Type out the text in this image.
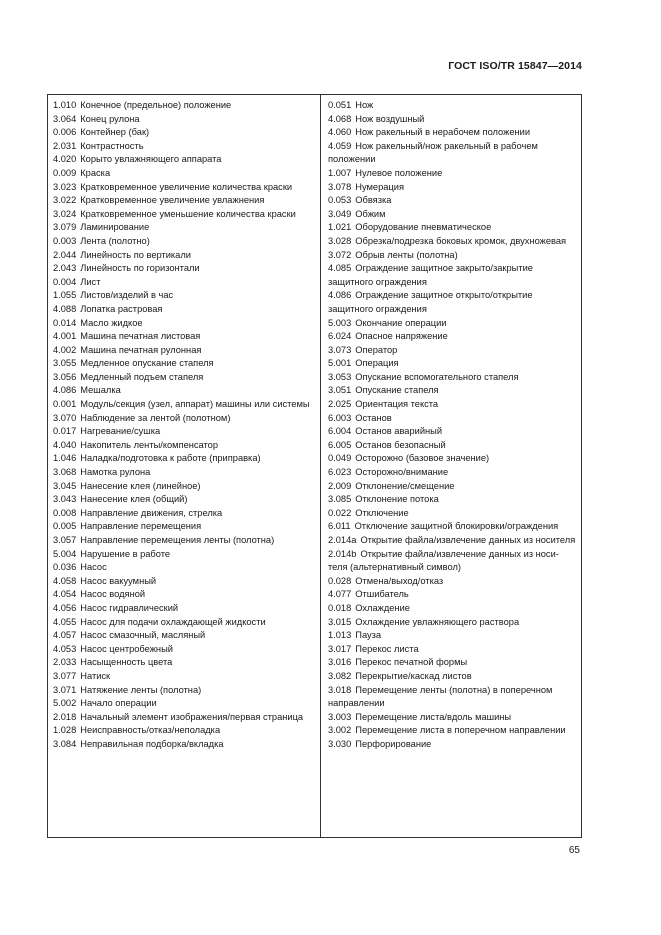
ГОСТ ISO/TR 15847—2014
1.010 Конечное (предельное) положение
3.064 Конец рулона
0.006 Контейнер (бак)
2.031 Контрастность
4.020 Корыто увлажняющего аппарата
0.009 Краска
3.023 Кратковременное увеличение количества краски
3.022 Кратковременное увеличение увлажнения
3.024 Кратковременное уменьшение количества краски
3.079 Ламинирование
0.003 Лента (полотно)
2.044 Линейность по вертикали
2.043 Линейность по горизонтали
0.004 Лист
1.055 Листов/изделий в час
4.088 Лопатка растровая
0.014 Масло жидкое
4.001 Машина печатная листовая
4.002 Машина печатная рулонная
3.055 Медленное опускание стапеля
3.056 Медленный подъем стапеля
4.086 Мешалка
0.001 Модуль/секция (узел, аппарат) машины или системы
3.070 Наблюдение за лентой (полотном)
0.017 Нагревание/сушка
4.040 Накопитель ленты/компенсатор
1.046 Наладка/подготовка к работе (приправка)
3.068 Намотка рулона
3.045 Нанесение клея (линейное)
3.043 Нанесение клея (общий)
0.008 Направление движения, стрелка
0.005 Направление перемещения
3.057 Направление перемещения ленты (полотна)
5.004 Нарушение в работе
0.036 Насос
4.058 Насос вакуумный
4.054 Насос водяной
4.056 Насос гидравлический
4.055 Насос для подачи охлаждающей жидкости
4.057 Насос смазочный, масляный
4.053 Насос центробежный
2.033 Насыщенность цвета
3.077 Натиск
3.071 Натяжение ленты (полотна)
5.002 Начало операции
2.018 Начальный элемент изображения/первая страница
1.028 Неисправность/отказ/неполадка
3.084 Неправильная подборка/вкладка
0.051 Нож
4.068 Нож воздушный
4.060 Нож ракельный в нерабочем положении
4.059 Нож ракельный/нож ракельный в рабочем положении
1.007 Нулевое положение
3.078 Нумерация
0.053 Обвязка
3.049 Обжим
1.021 Оборудование пневматическое
3.028 Обрезка/подрезка боковых кромок, двухножевая
3.072 Обрыв ленты (полотна)
4.085 Ограждение защитное закрыто/закрытие защитного ограждения
4.086 Ограждение защитное открыто/открытие защитного ограждения
5.003 Окончание операции
6.024 Опасное напряжение
3.073 Оператор
5.001 Операция
3.053 Опускание вспомогательного стапеля
3.051 Опускание стапеля
2.025 Ориентация текста
6.003 Останов
6.004 Останов аварийный
6.005 Останов безопасный
0.049 Осторожно (базовое значение)
6.023 Осторожно/внимание
2.009 Отклонение/смещение
3.085 Отклонение потока
0.022 Отключение
6.011 Отключение защитной блокировки/ограждения
2.014a Открытие файла/извлечение данных из носителя
2.014b Открытие файла/извлечение данных из носи-теля (альтернативный символ)
0.028 Отмена/выход/отказ
4.077 Отшибатель
0.018 Охлаждение
3.015 Охлаждение увлажняющего раствора
1.013 Пауза
3.017 Перекос листа
3.016 Перекос печатной формы
3.082 Перекрытие/каскад листов
3.018 Перемещение ленты (полотна) в поперечном направлении
3.003 Перемещение листа/вдоль машины
3.002 Перемещение листа в поперечном направлении
3.030 Перфорирование
65
